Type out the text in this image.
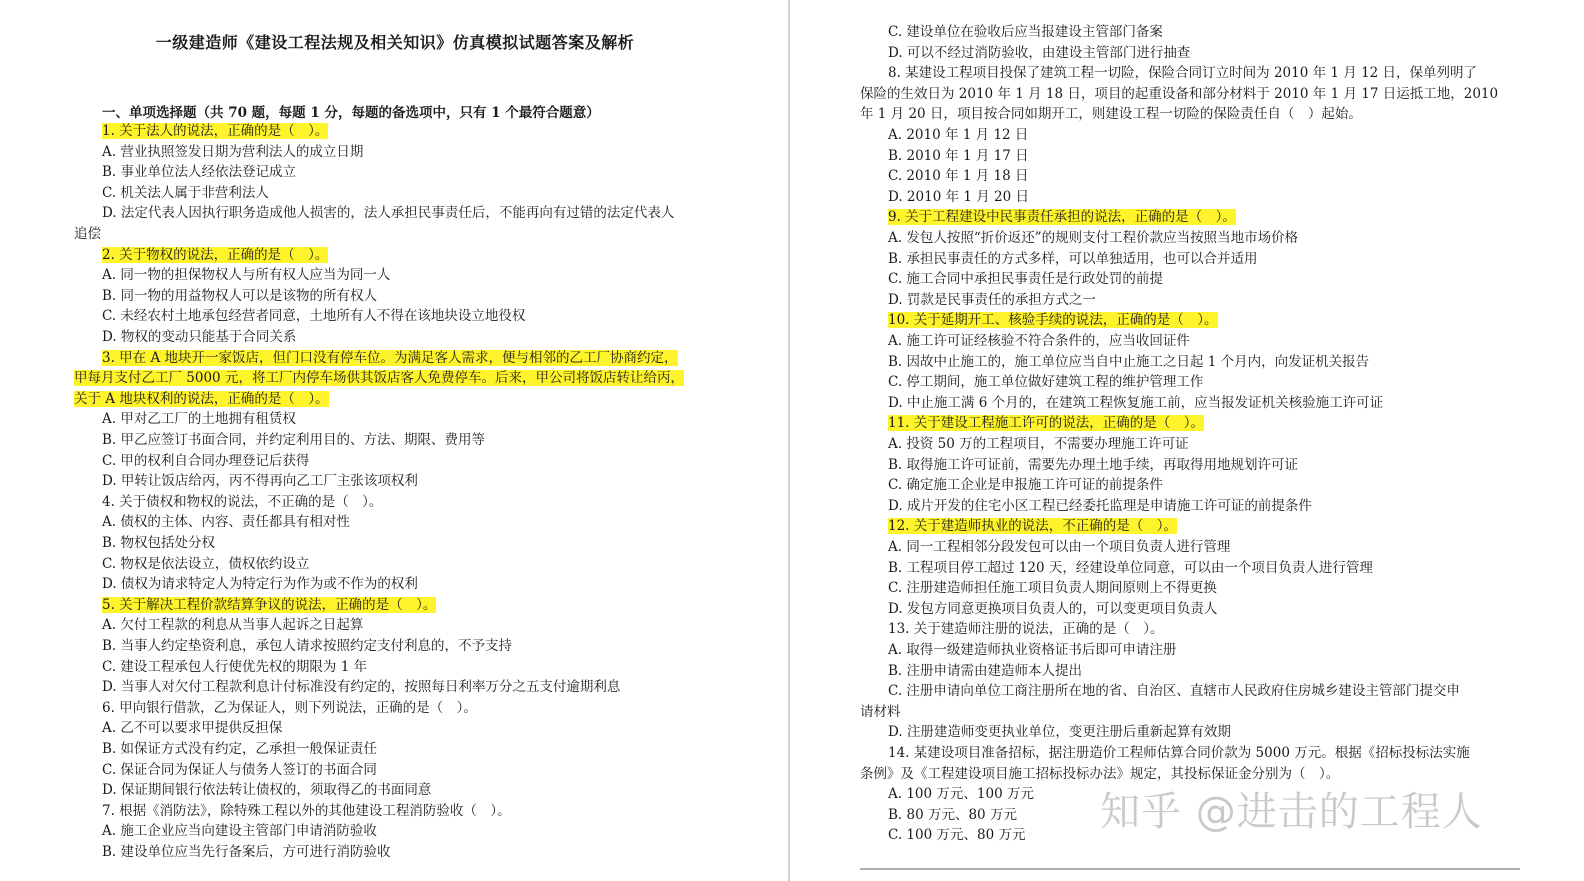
一级建造师《建设工程法规及相关知识》仿真模拟试题答案及解析
一、单项选择题（共 70 题，每题 1 分，每题的备选项中，只有 1 个最符合题意）
1. 关于法人的说法，正确的是（　）。
A. 营业执照签发日期为营利法人的成立日期
B. 事业单位法人经依法登记成立
C. 机关法人属于非营利法人
D. 法定代表人因执行职务造成他人损害的，法人承担民事责任后，不能再向有过错的法定代表人
追偿
2. 关于物权的说法，正确的是（　）。
A. 同一物的担保物权人与所有权人应当为同一人
B. 同一物的用益物权人可以是该物的所有权人
C. 未经农村土地承包经营者同意，土地所有人不得在该地块设立地役权
D. 物权的变动只能基于合同关系
3. 甲在 A 地块开一家饭店，但门口没有停车位。为满足客人需求，便与相邻的乙工厂协商约定，
甲每月支付乙工厂 5000 元，将工厂内停车场供其饭店客人免费停车。后来，甲公司将饭店转让给丙，
关于 A 地块权利的说法，正确的是（　）。
A. 甲对乙工厂的土地拥有租赁权
B. 甲乙应签订书面合同，并约定利用目的、方法、期限、费用等
C. 甲的权利自合同办理登记后获得
D. 甲转让饭店给丙，丙不得再向乙工厂主张该项权利
4. 关于债权和物权的说法，不正确的是（　）。
A. 债权的主体、内容、责任都具有相对性
B. 物权包括处分权
C. 物权是依法设立，债权依约设立
D. 债权为请求特定人为特定行为作为或不作为的权利
5. 关于解决工程价款结算争议的说法，正确的是（　）。
A. 欠付工程款的利息从当事人起诉之日起算
B. 当事人约定垫资利息，承包人请求按照约定支付利息的，不予支持
C. 建设工程承包人行使优先权的期限为 1 年
D. 当事人对欠付工程款利息计付标准没有约定的，按照每日利率万分之五支付逾期利息
6. 甲向银行借款，乙为保证人，则下列说法，正确的是（　）。
A. 乙不可以要求甲提供反担保
B. 如保证方式没有约定，乙承担一般保证责任
C. 保证合同为保证人与债务人签订的书面合同
D. 保证期间银行依法转让债权的，须取得乙的书面同意
7. 根据《消防法》，除特殊工程以外的其他建设工程消防验收（　）。
A. 施工企业应当向建设主管部门申请消防验收
B. 建设单位应当先行备案后，方可进行消防验收
C. 建设单位在验收后应当报建设主管部门备案
D. 可以不经过消防验收，由建设主管部门进行抽查
8. 某建设工程项目投保了建筑工程一切险，保险合同订立时间为 2010 年 1 月 12 日，保单列明了
保险的生效日为 2010 年 1 月 18 日，项目的起重设备和部分材料于 2010 年 1 月 17 日运抵工地，2010
年 1 月 20 日，项目按合同如期开工，则建设工程一切险的保险责任自（　）起始。
A. 2010 年 1 月 12 日
B. 2010 年 1 月 17 日
C. 2010 年 1 月 18 日
D. 2010 年 1 月 20 日
9. 关于工程建设中民事责任承担的说法，正确的是（　）。
A. 发包人按照“折价返还”的规则支付工程价款应当按照当地市场价格
B. 承担民事责任的方式多样，可以单独适用，也可以合并适用
C. 施工合同中承担民事责任是行政处罚的前提
D. 罚款是民事责任的承担方式之一
10. 关于延期开工、核验手续的说法，正确的是（　）。
A. 施工许可证经核验不符合条件的，应当收回证件
B. 因故中止施工的，施工单位应当自中止施工之日起 1 个月内，向发证机关报告
C. 停工期间，施工单位做好建筑工程的维护管理工作
D. 中止施工满 6 个月的，在建筑工程恢复施工前，应当报发证机关核验施工许可证
11. 关于建设工程施工许可的说法，正确的是（　）。
A. 投资 50 万的工程项目，不需要办理施工许可证
B. 取得施工许可证前，需要先办理土地手续，再取得用地规划许可证
C. 确定施工企业是申报施工许可证的前提条件
D. 成片开发的住宅小区工程已经委托监理是申请施工许可证的前提条件
12. 关于建造师执业的说法，不正确的是（　）。
A. 同一工程相邻分段发包可以由一个项目负责人进行管理
B. 工程项目停工超过 120 天，经建设单位同意，可以由一个项目负责人进行管理
C. 注册建造师担任施工项目负责人期间原则上不得更换
D. 发包方同意更换项目负责人的，可以变更项目负责人
13. 关于建造师注册的说法，正确的是（　）。
A. 取得一级建造师执业资格证书后即可申请注册
B. 注册申请需由建造师本人提出
C. 注册申请向单位工商注册所在地的省、自治区、直辖市人民政府住房城乡建设主管部门提交申
请材料
D. 注册建造师变更执业单位，变更注册后重新起算有效期
14. 某建设项目准备招标，据注册造价工程师估算合同价款为 5000 万元。根据《招标投标法实施
条例》及《工程建设项目施工招标投标办法》规定，其投标保证金分别为（　）。
A. 100 万元、100 万元
B. 80 万元、80 万元
C. 100 万元、80 万元
知乎 @进击的工程人
